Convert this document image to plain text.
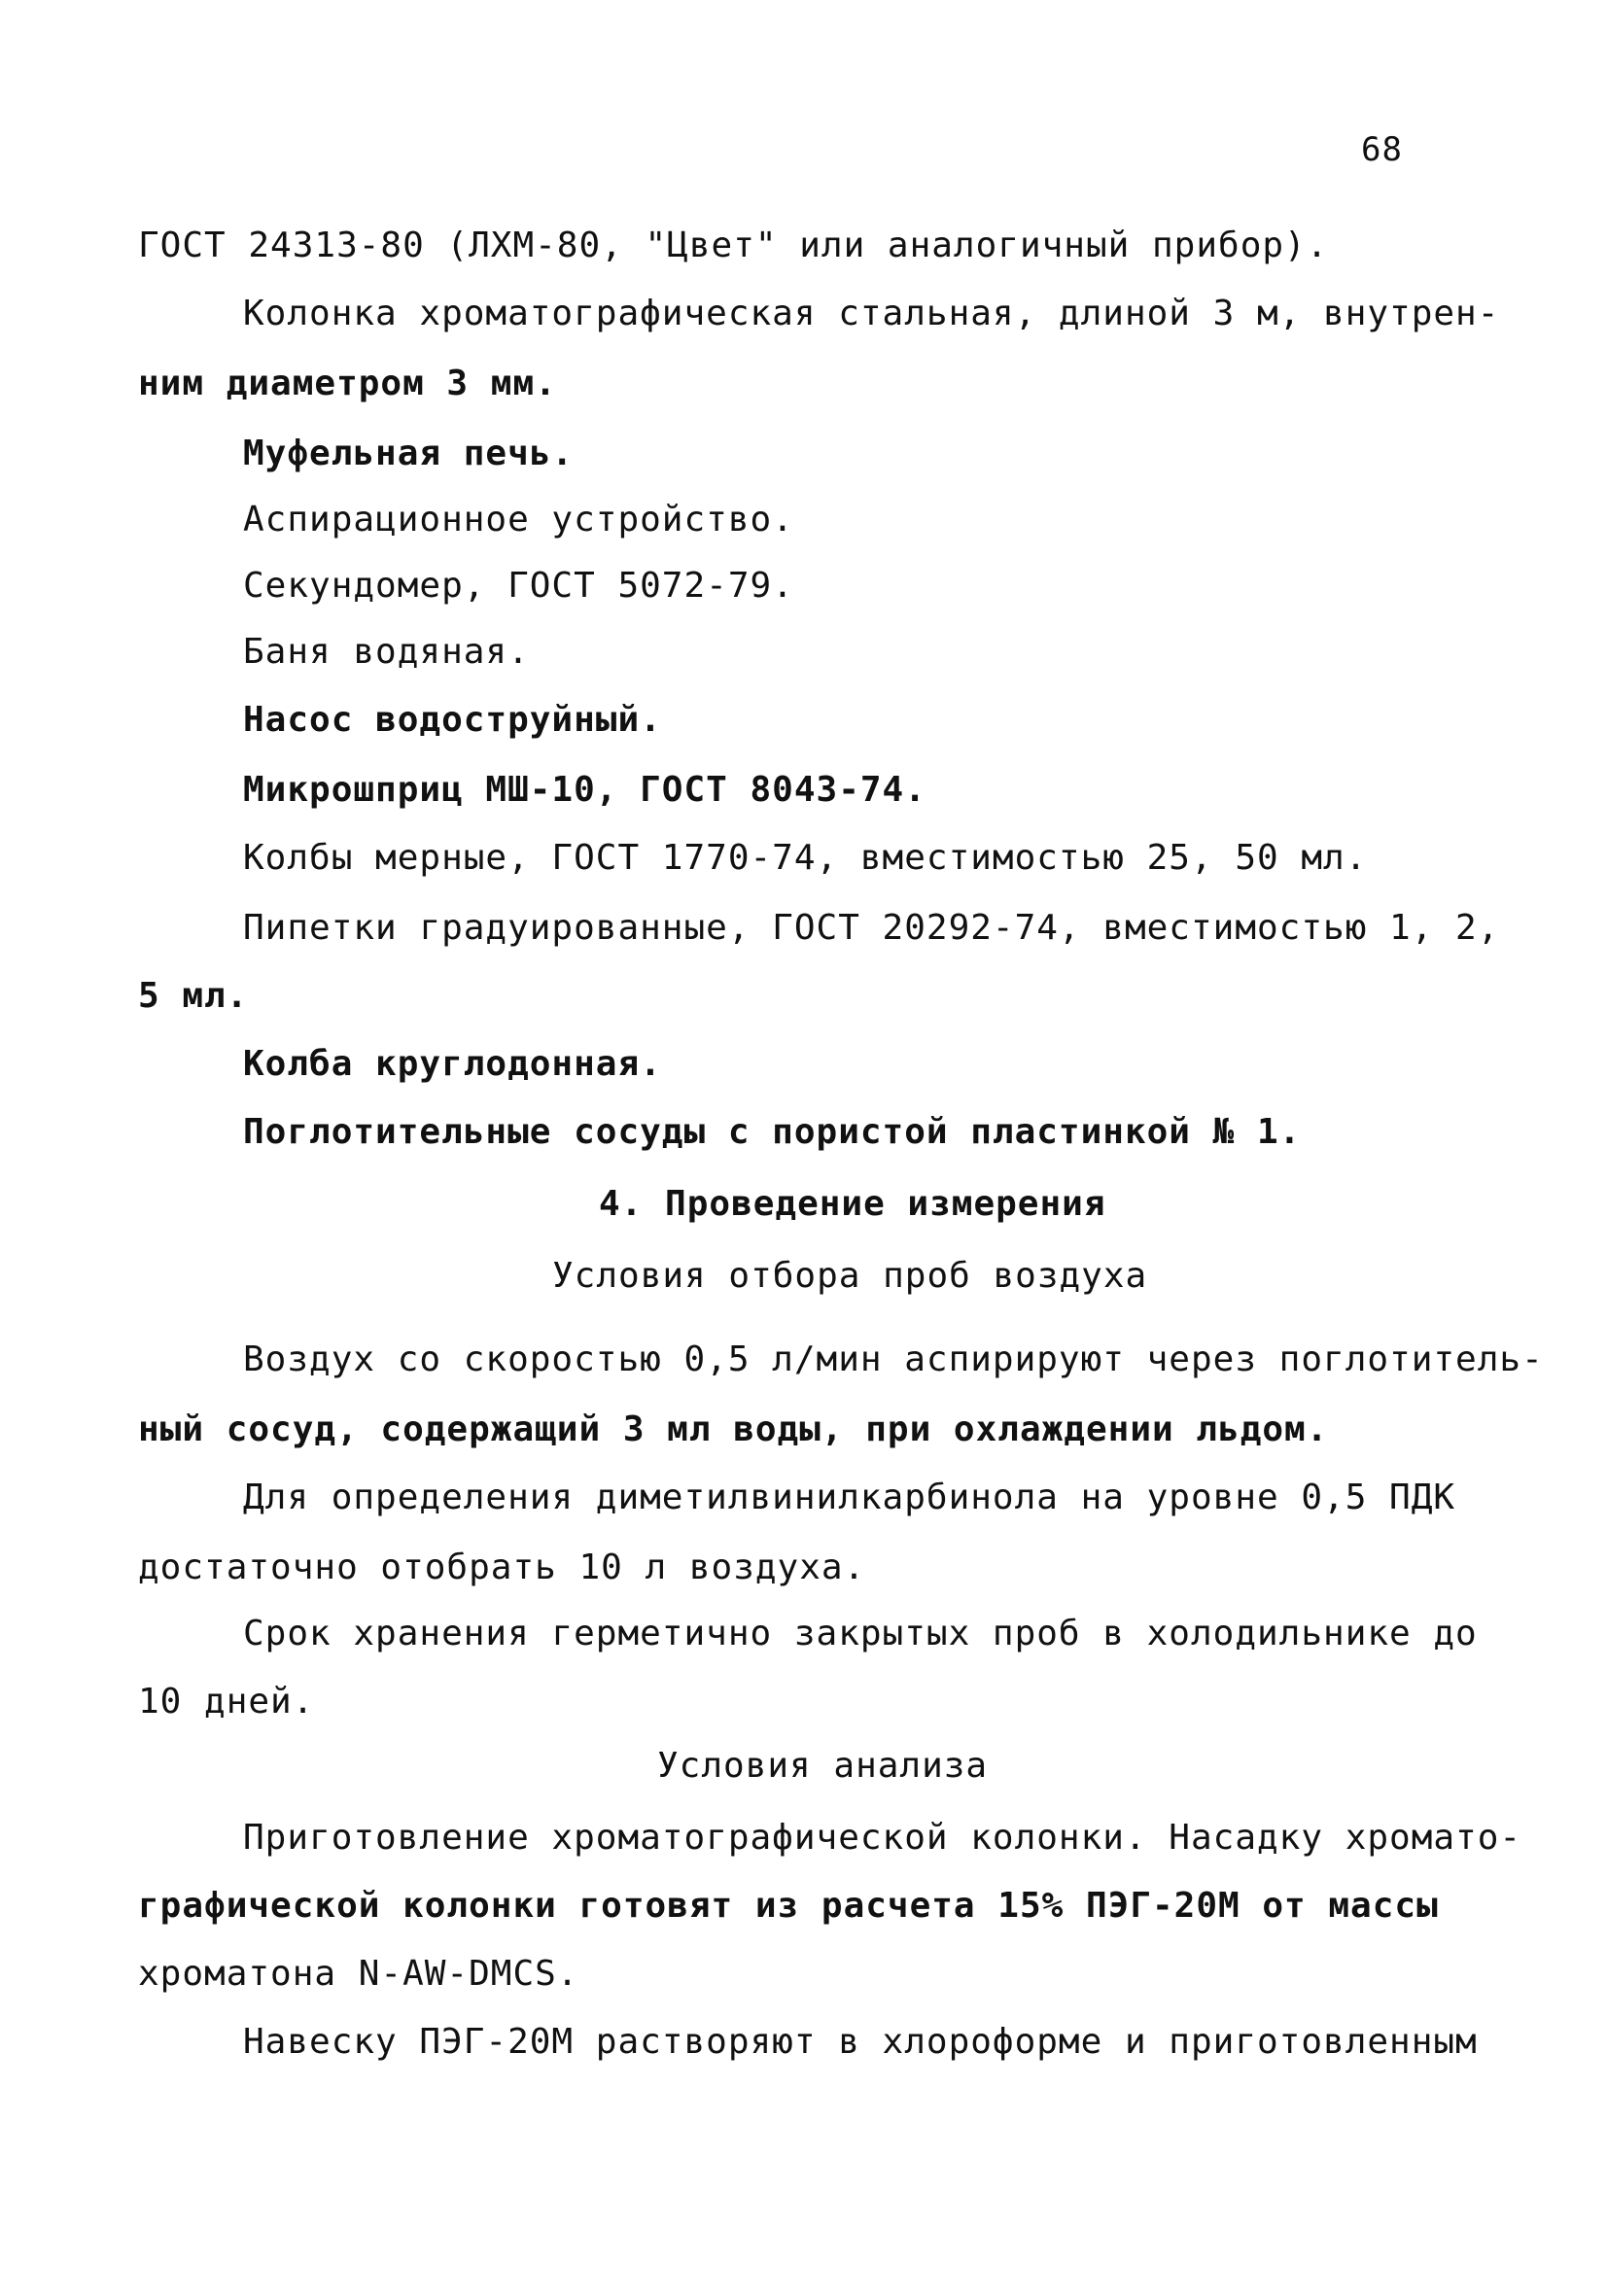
68
ГОСТ 24313-80 (ЛХМ-80, "Цвет" или аналогичный прибор).
Колонка хроматографическая стальная, длиной 3 м, внутрен-
ним диаметром 3 мм.
Муфельная печь.
Аспирационное устройство.
Секундомер, ГОСТ 5072-79.
Баня водяная.
Насос водоструйный.
Микрошприц МШ-10, ГОСТ 8043-74.
Колбы мерные, ГОСТ 1770-74, вместимостью 25, 50 мл.
Пипетки градуированные, ГОСТ 20292-74, вместимостью 1, 2,
5 мл.
Колба круглодонная.
Поглотительные сосуды с пористой пластинкой № 1.
4. Проведение измерения
Условия отбора проб воздуха
Воздух со скоростью 0,5 л/мин аспирируют через поглотитель-
ный сосуд, содержащий 3 мл воды, при охлаждении льдом.
Для определения диметилвинилкарбинола на уровне 0,5 ПДК
достаточно отобрать 10 л воздуха.
Срок хранения герметично закрытых проб в холодильнике до
10 дней.
Условия анализа
Приготовление хроматографической колонки. Насадку хромато-
графической колонки готовят из расчета 15% ПЭГ-20М от массы
хроматона N-AW-DMCS.
Навеску ПЭГ-20М растворяют в хлороформе и приготовленным
